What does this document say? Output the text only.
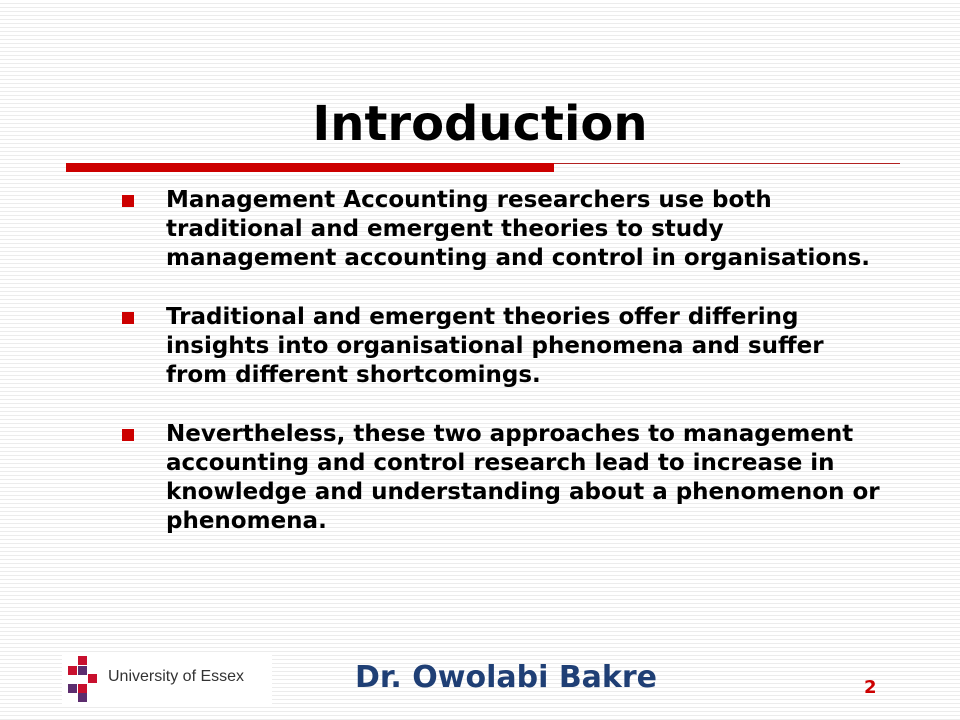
Introduction
Management Accounting researchers use both traditional and emergent theories to study management accounting and control in organisations.
Traditional and emergent theories offer differing insights into organisational phenomena and suffer from different shortcomings.
Nevertheless, these two approaches to management accounting and control research lead to increase in knowledge and understanding about a phenomenon or phenomena.
University of Essex	Dr. Owolabi Bakre	2
